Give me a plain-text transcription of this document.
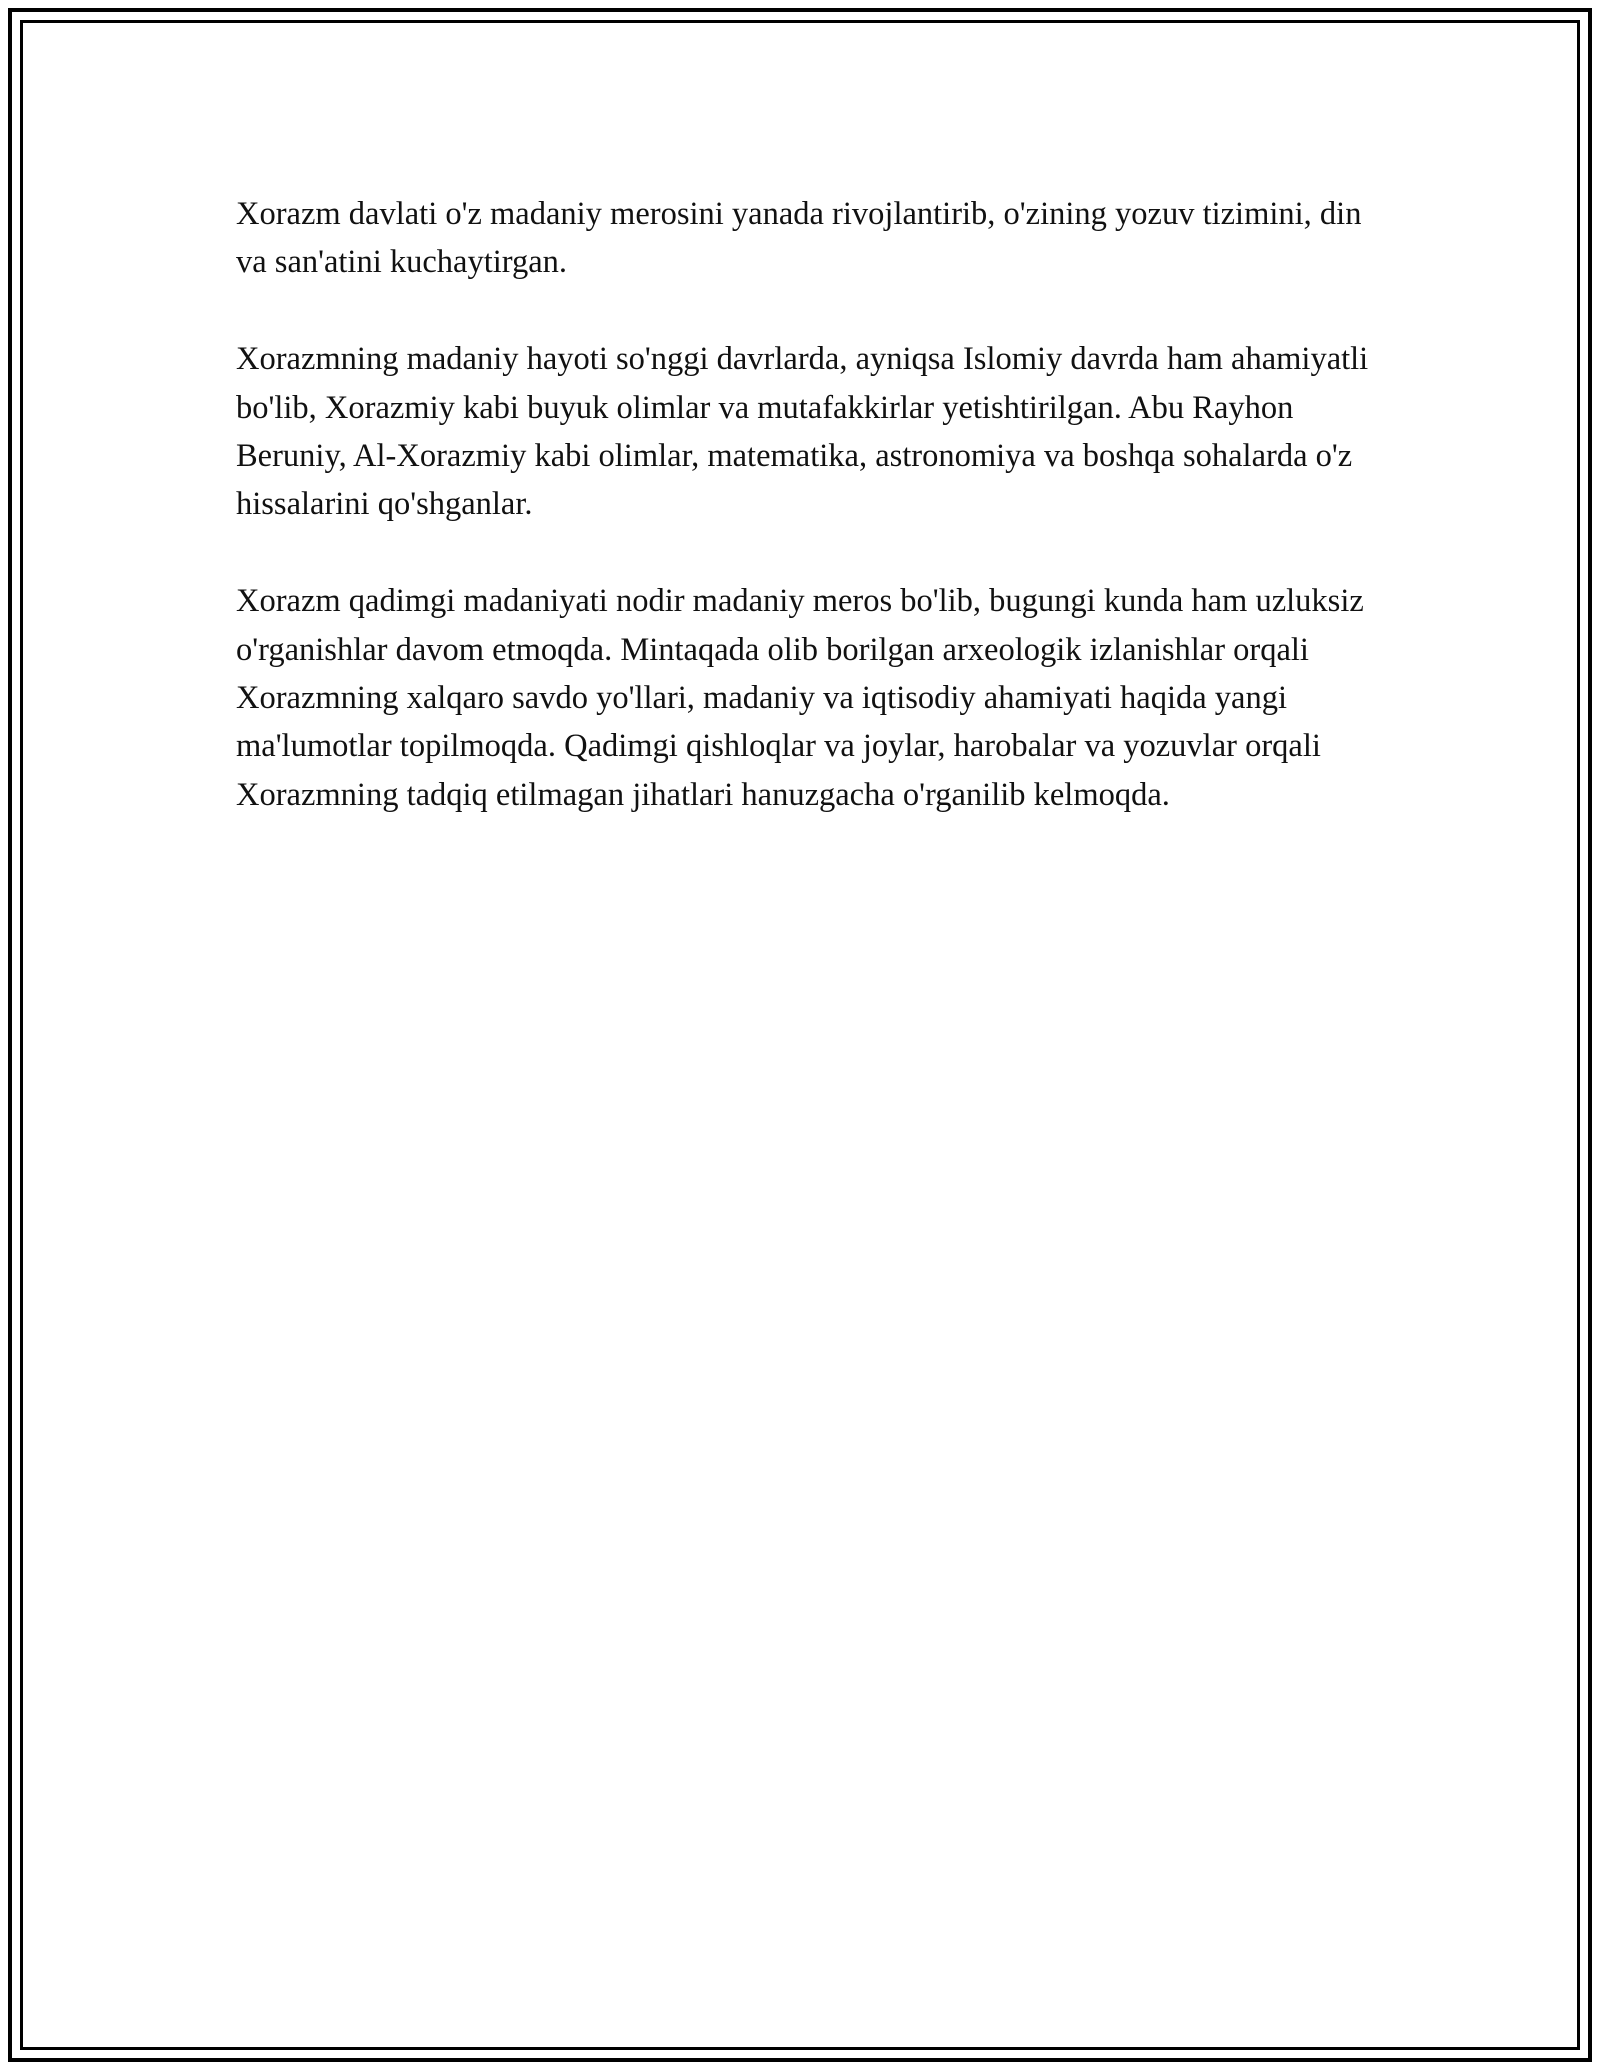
Xorazm davlati o'z madaniy merosini yanada rivojlantirib, o'zining yozuv tizimini, din va san'atini kuchaytirgan.

Xorazmning madaniy hayoti so'nggi davrlarda, ayniqsa Islomiy davrda ham ahamiyatli bo'lib, Xorazmiy kabi buyuk olimlar va mutafakkirlar yetishtirilgan. Abu Rayhon Beruniy, Al-Xorazmiy kabi olimlar, matematika, astronomiya va boshqa sohalarda o'z hissalarini qo'shganlar.

Xorazm qadimgi madaniyati nodir madaniy meros bo'lib, bugungi kunda ham uzluksiz o'rganishlar davom etmoqda. Mintaqada olib borilgan arxeologik izlanishlar orqali Xorazmning xalqaro savdo yo'llari, madaniy va iqtisodiy ahamiyati haqida yangi ma'lumotlar topilmoqda. Qadimgi qishloqlar va joylar, harobalar va yozuvlar orqali Xorazmning tadqiq etilmagan jihatlari hanuzgacha o'rganilib kelmoqda.
